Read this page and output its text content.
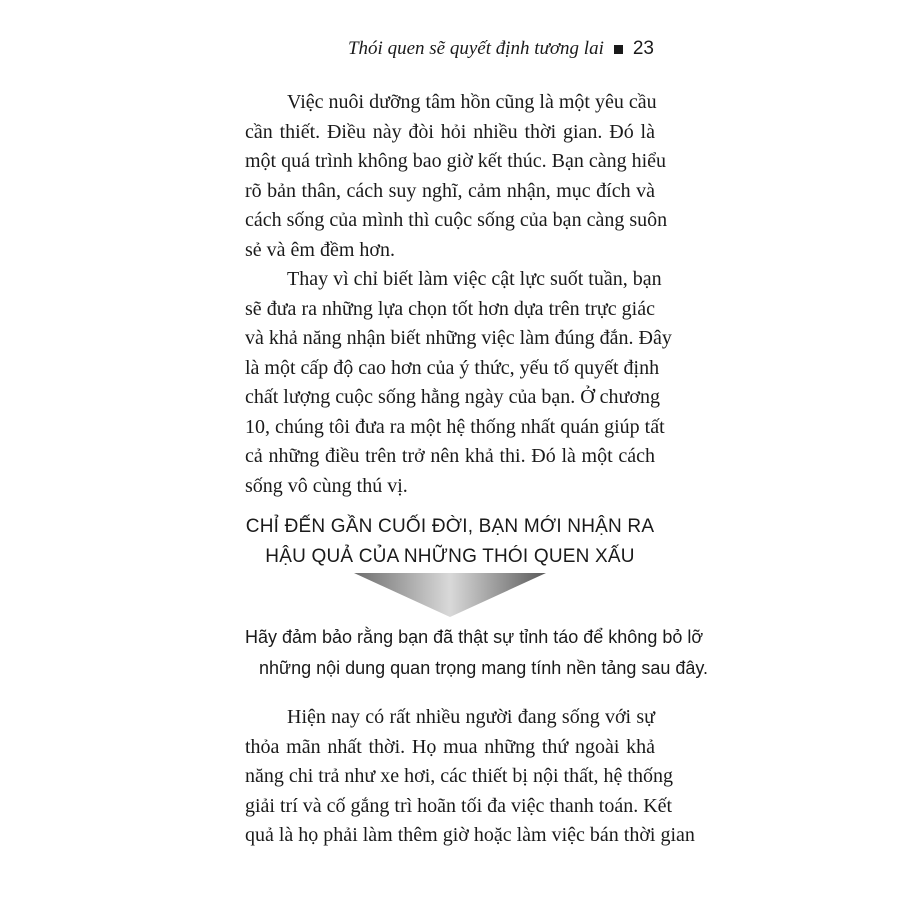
Thói quen sẽ quyết định tương lai 23
Việc nuôi dưỡng tâm hồn cũng là một yêu cầu
cần thiết. Điều này đòi hỏi nhiều thời gian. Đó là
một quá trình không bao giờ kết thúc. Bạn càng hiểu
rõ bản thân, cách suy nghĩ, cảm nhận, mục đích và
cách sống của mình thì cuộc sống của bạn càng suôn
sẻ và êm đềm hơn.
Thay vì chỉ biết làm việc cật lực suốt tuần, bạn
sẽ đưa ra những lựa chọn tốt hơn dựa trên trực giác
và khả năng nhận biết những việc làm đúng đắn. Đây
là một cấp độ cao hơn của ý thức, yếu tố quyết định
chất lượng cuộc sống hằng ngày của bạn. Ở chương
10, chúng tôi đưa ra một hệ thống nhất quán giúp tất
cả những điều trên trở nên khả thi. Đó là một cách
sống vô cùng thú vị.
CHỈ ĐẾN GẦN CUỐI ĐỜI, BẠN MỚI NHẬN RA
HẬU QUẢ CỦA NHỮNG THÓI QUEN XẤU
Hãy đảm bảo rằng bạn đã thật sự tỉnh táo để không bỏ lỡ
những nội dung quan trọng mang tính nền tảng sau đây.
Hiện nay có rất nhiều người đang sống với sự
thỏa mãn nhất thời. Họ mua những thứ ngoài khả
năng chi trả như xe hơi, các thiết bị nội thất, hệ thống
giải trí và cố gắng trì hoãn tối đa việc thanh toán. Kết
quả là họ phải làm thêm giờ hoặc làm việc bán thời gian
